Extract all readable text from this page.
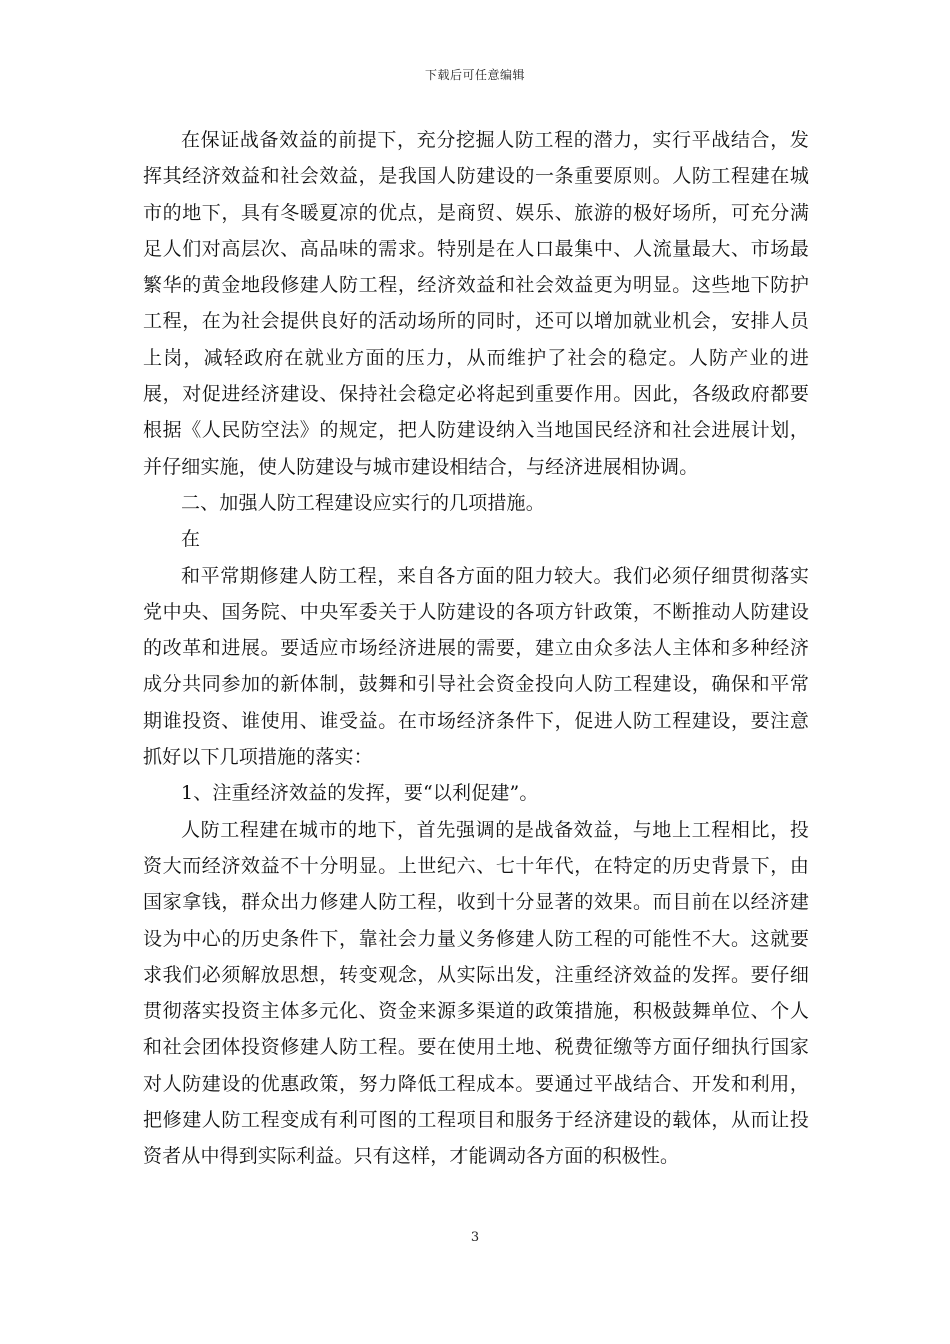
下载后可任意编辑

在保证战备效益的前提下，充分挖掘人防工程的潜力，实行平战结合，发挥其经济效益和社会效益，是我国人防建设的一条重要原则。人防工程建在城市的地下，具有冬暖夏凉的优点，是商贸、娱乐、旅游的极好场所，可充分满足人们对高层次、高品味的需求。特别是在人口最集中、人流量最大、市场最繁华的黄金地段修建人防工程，经济效益和社会效益更为明显。这些地下防护工程，在为社会提供良好的活动场所的同时，还可以增加就业机会，安排人员上岗，减轻政府在就业方面的压力，从而维护了社会的稳定。人防产业的进展，对促进经济建设、保持社会稳定必将起到重要作用。因此，各级政府都要根据《人民防空法》的规定，把人防建设纳入当地国民经济和社会进展计划，并仔细实施，使人防建设与城市建设相结合，与经济进展相协调。

二、加强人防工程建设应实行的几项措施。

在

和平常期修建人防工程，来自各方面的阻力较大。我们必须仔细贯彻落实党中央、国务院、中央军委关于人防建设的各项方针政策，不断推动人防建设的改革和进展。要适应市场经济进展的需要，建立由众多法人主体和多种经济成分共同参加的新体制，鼓舞和引导社会资金投向人防工程建设，确保和平常期谁投资、谁使用、谁受益。在市场经济条件下，促进人防工程建设，要注意抓好以下几项措施的落实：

1、注重经济效益的发挥，要“以利促建”。

人防工程建在城市的地下，首先强调的是战备效益，与地上工程相比，投资大而经济效益不十分明显。上世纪六、七十年代，在特定的历史背景下，由国家拿钱，群众出力修建人防工程，收到十分显著的效果。而目前在以经济建设为中心的历史条件下，靠社会力量义务修建人防工程的可能性不大。这就要求我们必须解放思想，转变观念，从实际出发，注重经济效益的发挥。要仔细贯彻落实投资主体多元化、资金来源多渠道的政策措施，积极鼓舞单位、个人和社会团体投资修建人防工程。要在使用土地、税费征缴等方面仔细执行国家对人防建设的优惠政策，努力降低工程成本。要通过平战结合、开发和利用，把修建人防工程变成有利可图的工程项目和服务于经济建设的载体，从而让投资者从中得到实际利益。只有这样，才能调动各方面的积极性。

3
